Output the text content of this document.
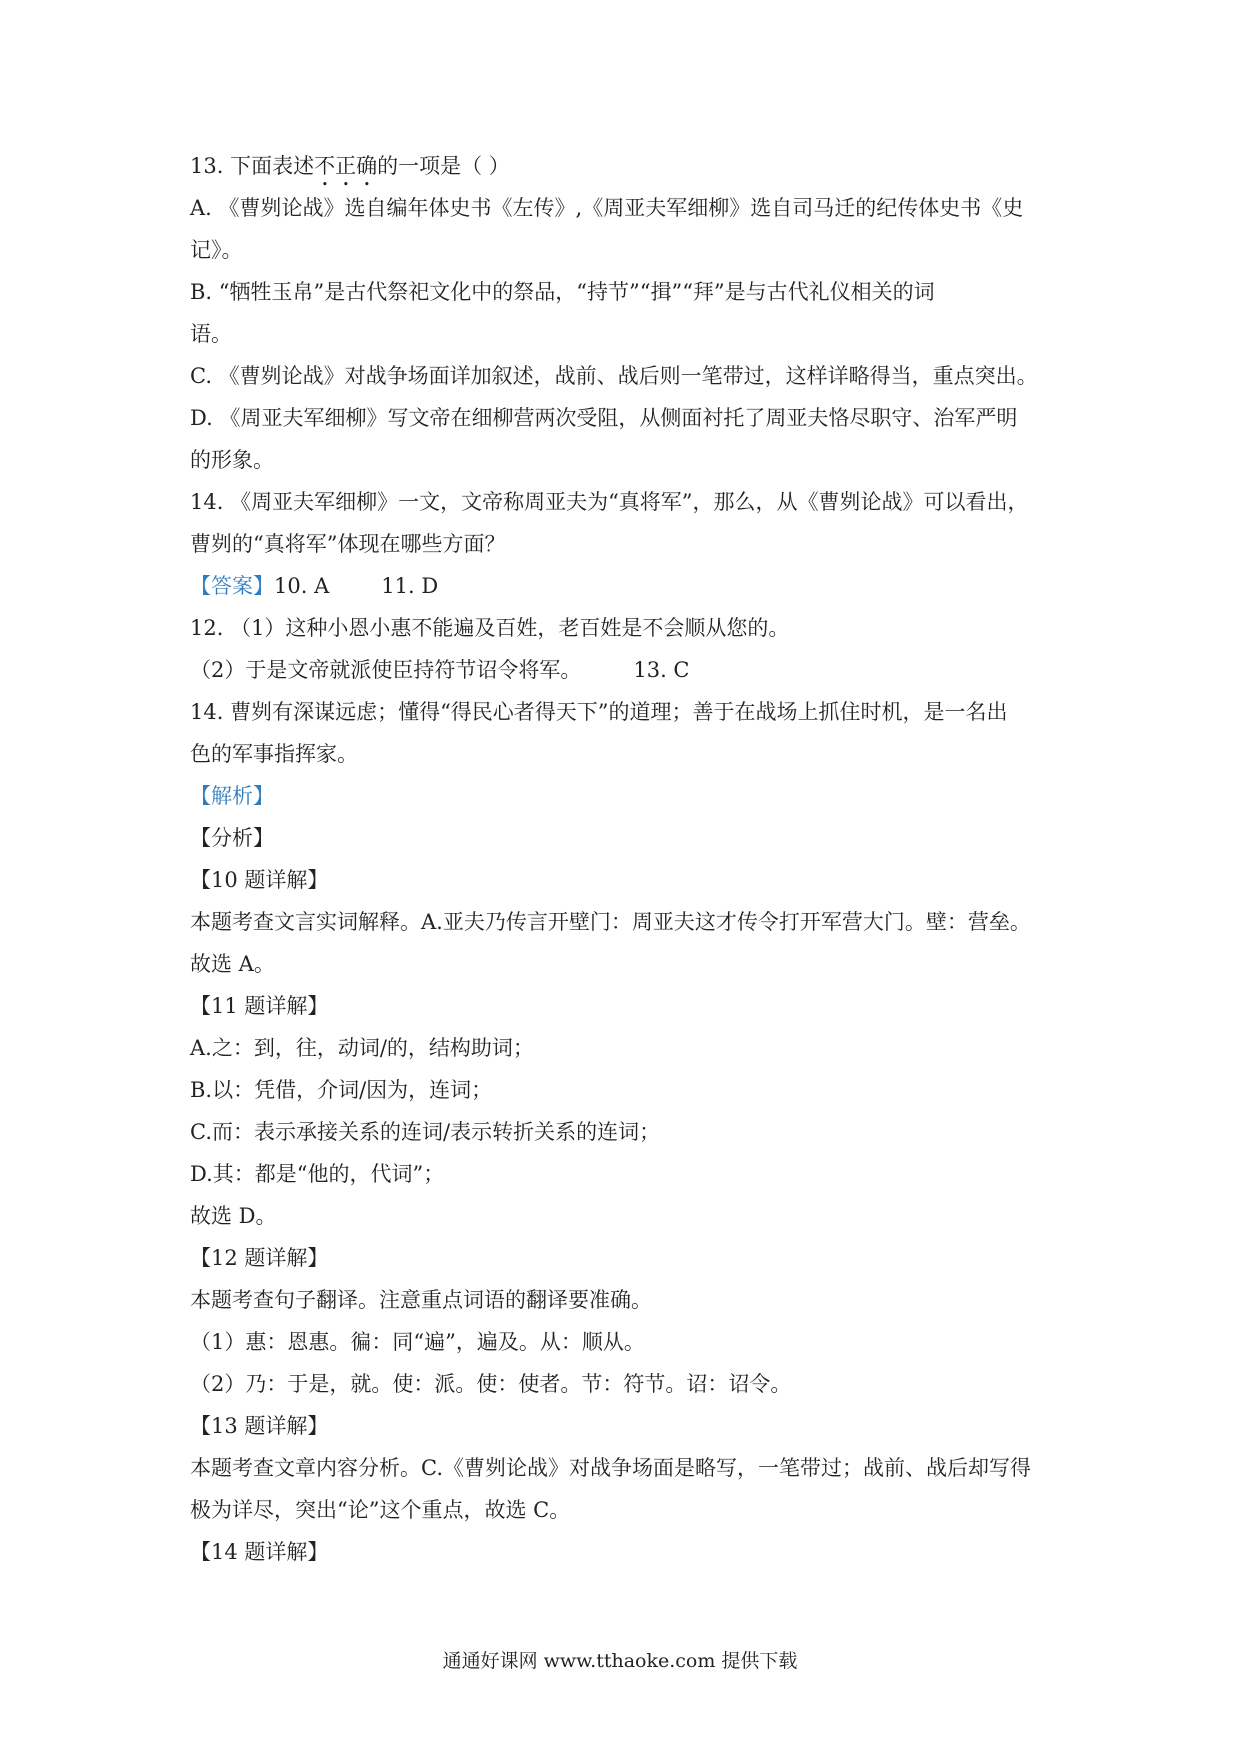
13. 下面表述不正确的一项是（ ）

A. 《曹刿论战》选自编年体史书《左传》,《周亚夫军细柳》选自司马迁的纪传体史书《史

记》。

B. “牺牲玉帛”是古代祭祀文化中的祭品，“持节”“揖”“拜”是与古代礼仪相关的词

语。

C. 《曹刿论战》对战争场面详加叙述，战前、战后则一笔带过，这样详略得当，重点突出。

D. 《周亚夫军细柳》写文帝在细柳营两次受阻，从侧面衬托了周亚夫恪尽职守、治军严明

的形象。

14. 《周亚夫军细柳》一文，文帝称周亚夫为“真将军”，那么，从《曹刿论战》可以看出，

曹刿的“真将军”体现在哪些方面？

【答案】10. A 11. D

12. （1）这种小恩小惠不能遍及百姓，老百姓是不会顺从您的。

（2）于是文帝就派使臣持符节诏令将军。 13. C

14. 曹刿有深谋远虑；懂得“得民心者得天下”的道理；善于在战场上抓住时机，是一名出

色的军事指挥家。

【解析】

【分析】

【10 题详解】

本题考查文言实词解释。A.亚夫乃传言开壁门：周亚夫这才传令打开军营大门。壁：营垒。

故选 A。

【11 题详解】

A.之：到，往，动词/的，结构助词；

B.以：凭借，介词/因为，连词；

C.而：表示承接关系的连词/表示转折关系的连词；

D.其：都是“他的，代词”；

故选 D。

【12 题详解】

本题考查句子翻译。注意重点词语的翻译要准确。

（1）惠：恩惠。徧：同“遍”，遍及。从：顺从。

（2）乃：于是，就。使：派。使：使者。节：符节。诏：诏令。

【13 题详解】

本题考查文章内容分析。C.《曹刿论战》对战争场面是略写，一笔带过；战前、战后却写得

极为详尽，突出“论”这个重点，故选 C。

【14 题详解】

通通好课网 www.tthaoke.com 提供下载
